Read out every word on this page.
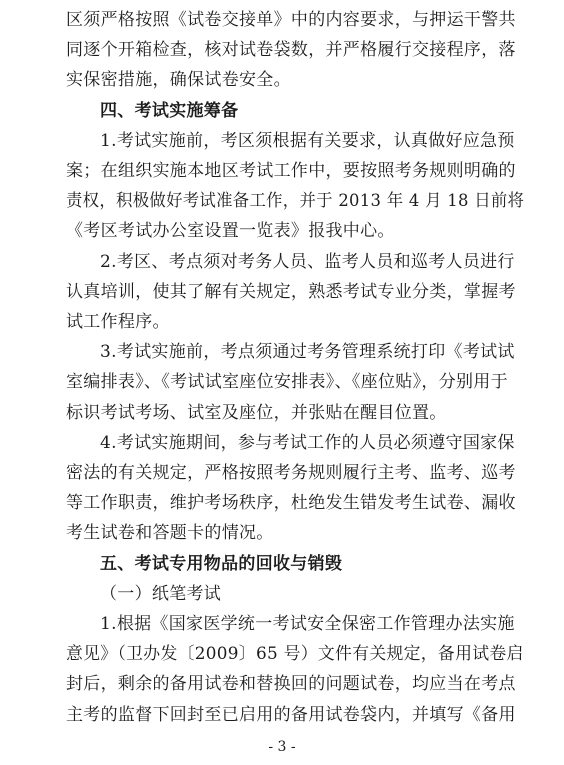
- 3 -
区须严格按照《试卷交接单》中的内容要求，与押运干警共
同逐个开箱检查，核对试卷袋数，并严格履行交接程序，落
实保密措施，确保试卷安全。
四、考试实施筹备
1.考试实施前，考区须根据有关要求，认真做好应急预
案；在组织实施本地区考试工作中，要按照考务规则明确的
责权，积极做好考试准备工作，并于 2013 年 4 月 18 日前将
《考区考试办公室设置一览表》报我中心。
2.考区、考点须对考务人员、监考人员和巡考人员进行
认真培训，使其了解有关规定，熟悉考试专业分类，掌握考
试工作程序。
3.考试实施前，考点须通过考务管理系统打印《考试试
室编排表》、《考试试室座位安排表》、《座位贴》，分别用于
标识考试考场、试室及座位，并张贴在醒目位置。
4.考试实施期间，参与考试工作的人员必须遵守国家保
密法的有关规定，严格按照考务规则履行主考、监考、巡考
等工作职责，维护考场秩序，杜绝发生错发考生试卷、漏收
考生试卷和答题卡的情况。
五、考试专用物品的回收与销毁
（一）纸笔考试
1.根据《国家医学统一考试安全保密工作管理办法实施
意见》（卫办发〔2009〕65 号）文件有关规定，备用试卷启
封后，剩余的备用试卷和替换回的问题试卷，均应当在考点
主考的监督下回封至已启用的备用试卷袋内，并填写《备用
